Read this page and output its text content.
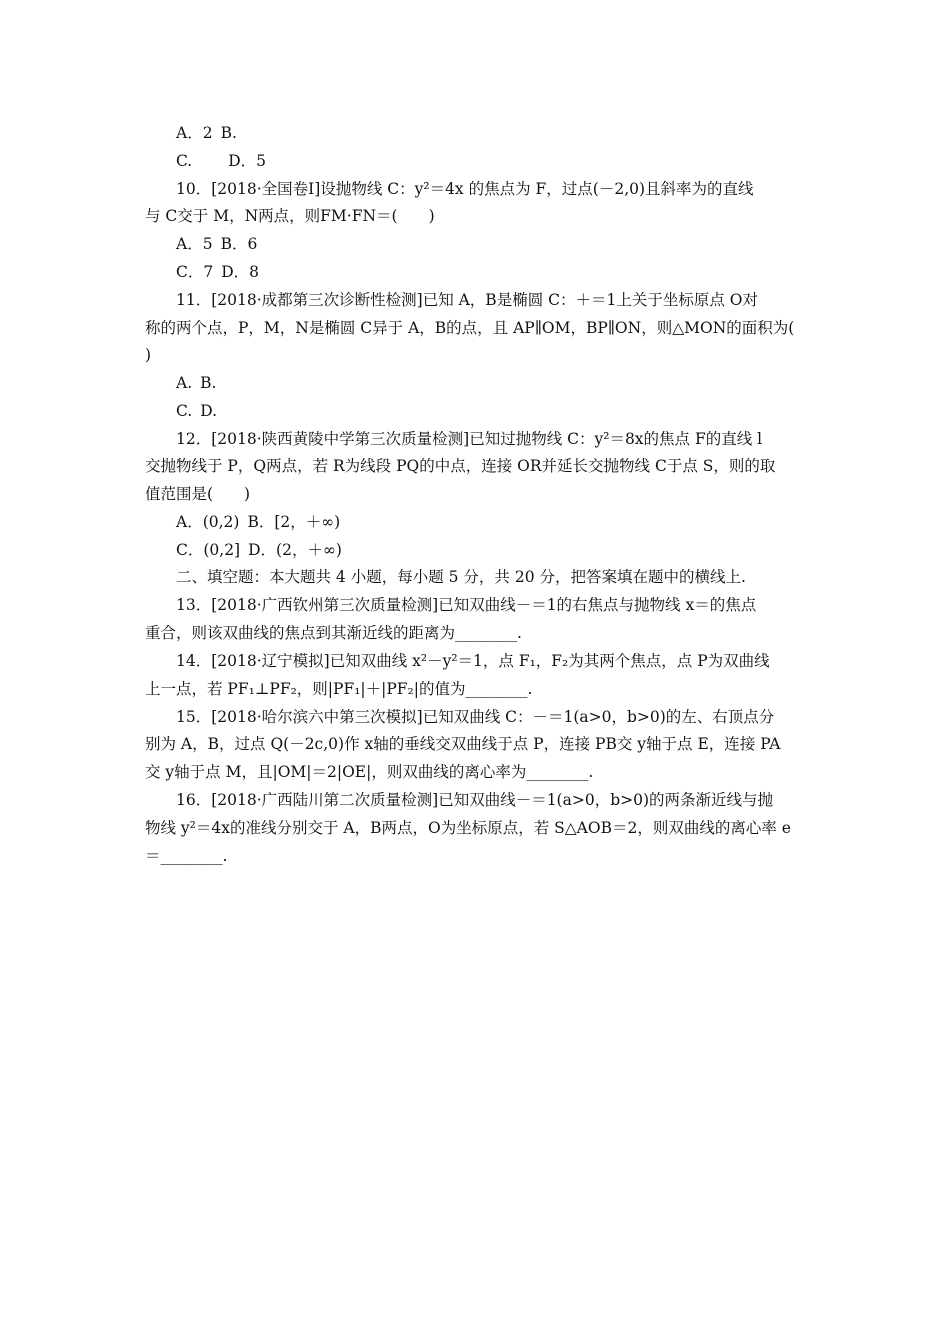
A．2 B.
C. D．5
10．[2018·全国卷Ⅰ]设抛物线 C：y²＝4x 的焦点为 F，过点(－2,0)且斜率为的直线
与 C交于 M，N两点，则FM·FN＝(　　)
A．5 B．6
C．7 D．8
11．[2018·成都第三次诊断性检测]已知 A，B是椭圆 C：＋＝1上关于坐标原点 O对
称的两个点，P，M，N是椭圆 C异于 A，B的点，且 AP∥OM，BP∥ON，则△MON的面积为(
)
A. B.
C. D.
12．[2018·陕西黄陵中学第三次质量检测]已知过抛物线 C：y²＝8x的焦点 F的直线 l
交抛物线于 P，Q两点，若 R为线段 PQ的中点，连接 OR并延长交抛物线 C于点 S，则的取
值范围是(　　)
A．(0,2) B．[2，＋∞)
C．(0,2] D．(2，＋∞)
二、填空题：本大题共 4 小题，每小题 5 分，共 20 分，把答案填在题中的横线上.
13．[2018·广西钦州第三次质量检测]已知双曲线－＝1的右焦点与抛物线 x＝的焦点
重合，则该双曲线的焦点到其渐近线的距离为________.
14．[2018·辽宁模拟]已知双曲线 x²－y²＝1，点 F₁，F₂为其两个焦点，点 P为双曲线
上一点，若 PF₁⊥PF₂，则|PF₁|＋|PF₂|的值为________.
15．[2018·哈尔滨六中第三次模拟]已知双曲线 C：－＝1(a>0，b>0)的左、右顶点分
别为 A，B，过点 Q(－2c,0)作 x轴的垂线交双曲线于点 P，连接 PB交 y轴于点 E，连接 PA
交 y轴于点 M，且|OM|＝2|OE|，则双曲线的离心率为________.
16．[2018·广西陆川第二次质量检测]已知双曲线－＝1(a>0，b>0)的两条渐近线与抛
物线 y²＝4x的准线分别交于 A，B两点，O为坐标原点，若 S△AOB＝2，则双曲线的离心率 e
＝________.
